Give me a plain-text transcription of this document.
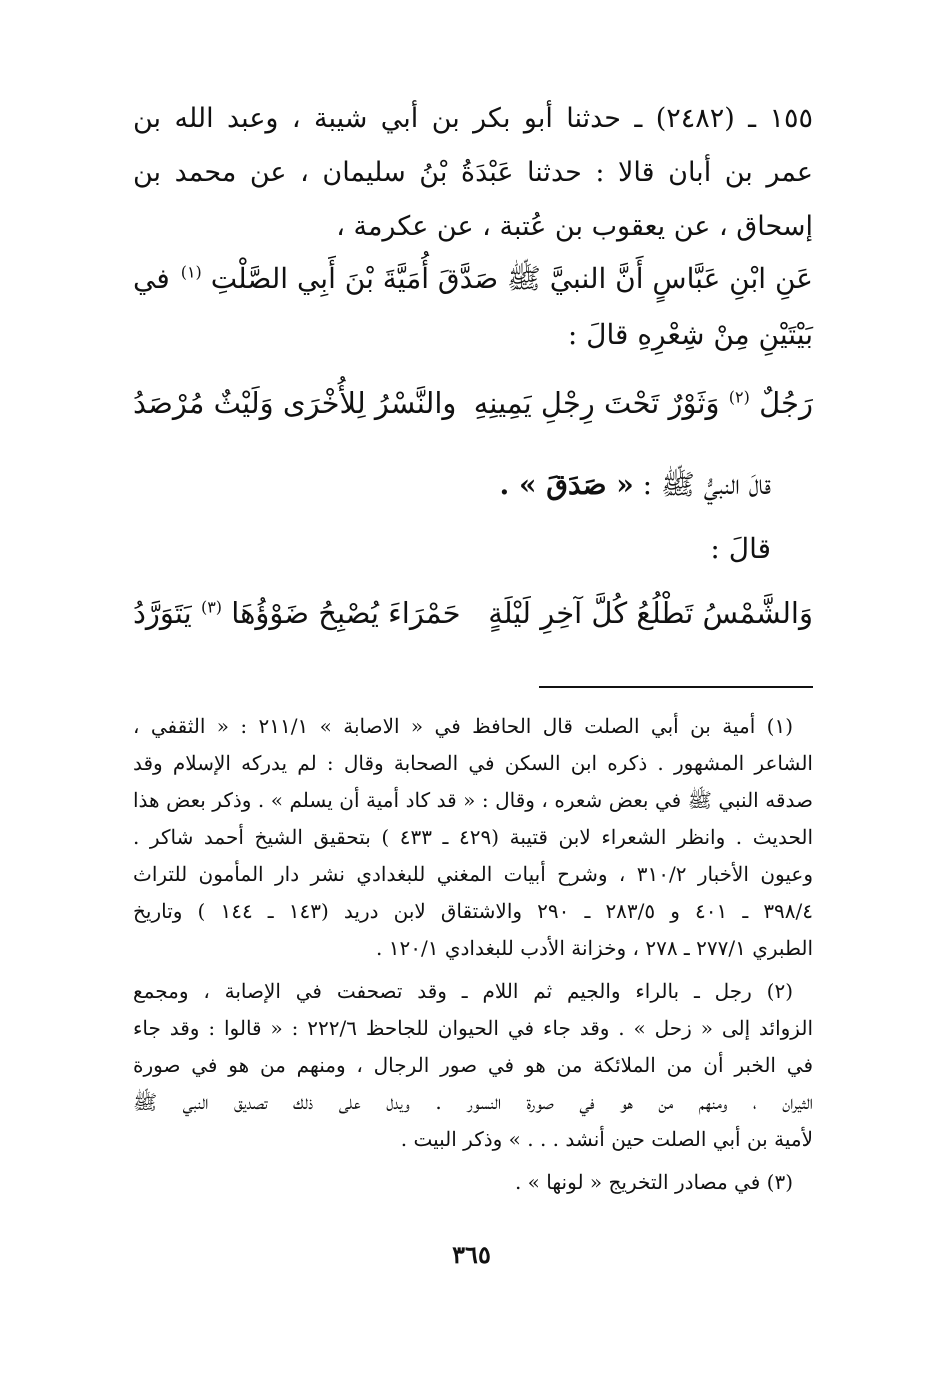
١٥٥ ـ (٢٤٨٢) ـ حدثنا أبو بكر بن أبي شيبة ، وعبد الله بن
عمر بن أبان قالا : حدثنا عَبْدَةُ بْنُ سليمان ، عن محمد بن
إسحاق ، عن يعقوب بن عُتبة ، عن عكرمة ،
عَنِ ابْنِ عَبَّاسٍ أَنَّ النبيَّ ﷺ صَدَّقَ أُمَيَّةَ بْنَ أَبِي الصَّلْتِ $^{(١)}$
في
بَيْتَيْنِ مِنْ شِعْرِهِ قالَ :
رَجُلٌ $^{(٢)}$ وَثَوْرٌ تَحْتَ رِجْلِ يَمِينِهِ
والنَّسْرُ لِلأُخْرَى وَلَيْثٌ مُرْصَدُ
قالَ النبيُّ ﷺ : « صَدَقَ » .
قالَ :
وَالشَّمْسُ تَطْلُعُ كُلَّ آخِرِ لَيْلَةٍ
حَمْرَاءَ يُصْبِحُ ضَوْؤُهَا $^{(٣)}$ يَتَوَرَّدُ
(١) أمية بن أبي الصلت قال الحافظ في « الاصابة » ٢١١/١ : « الثقفي ،
الشاعر المشهور . ذكره ابن السكن في الصحابة وقال : لم يدركه الإسلام وقد
صدقه النبي ﷺ في بعض شعره ، وقال : « قد كاد أمية أن يسلم » . وذكر بعض هذا
الحديث . وانظر الشعراء لابن قتيبة (٤٢٩ ـ ٤٣٣ ) بتحقيق الشيخ أحمد شاكر .
وعيون الأخبار ٣١٠/٢ ، وشرح أبيات المغني للبغدادي نشر دار المأمون للتراث
٣٩٨/٤ ـ ٤٠١ و ٢٨٣/٥ ـ ٢٩٠ والاشتقاق لابن دريد (١٤٣ ـ ١٤٤ ) وتاريخ
الطبري ٢٧٧/١ ـ ٢٧٨ ، وخزانة الأدب للبغدادي ١٢٠/١ .
(٢) رجل ـ بالراء والجيم ثم اللام ـ وقد تصحفت في الإصابة ، ومجمع
الزوائد إلى « زحل » . وقد جاء في الحيوان للجاحظ ٢٢٢/٦ : « قالوا : وقد جاء
في الخبر أن من الملائكة من هو في صور الرجال ، ومنهم من هو في صورة
الثيران ، ومنهم من هو في صورة النسور . ويدل على ذلك تصديق النبي ﷺ
لأمية بن أبي الصلت حين أنشد . . . » وذكر البيت .
(٣) في مصادر التخريج « لونها » .
٣٦٥
